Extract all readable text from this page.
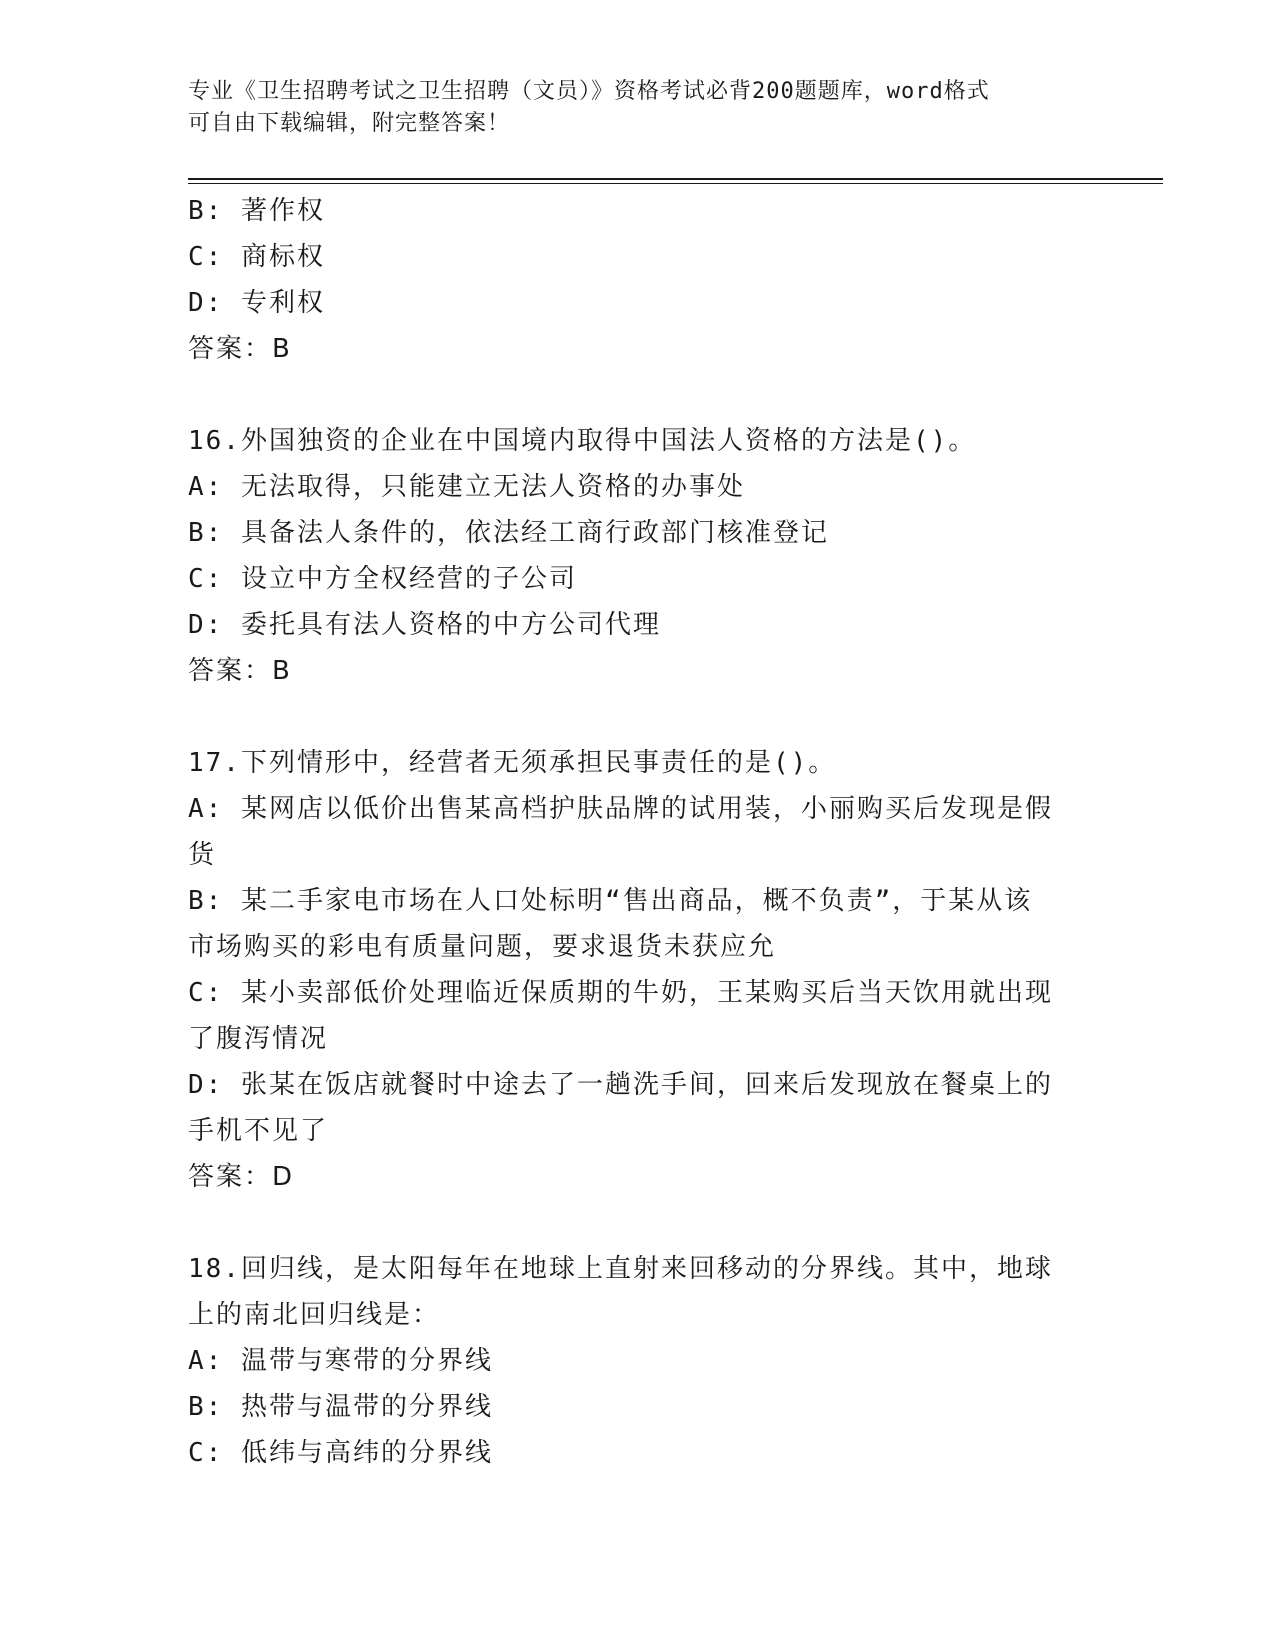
专业《卫生招聘考试之卫生招聘（文员）》资格考试必背200题题库，word格式
可自由下载编辑，附完整答案！
B: 著作权
C: 商标权
D: 专利权
答案：B
16.外国独资的企业在中国境内取得中国法人资格的方法是()。
A: 无法取得，只能建立无法人资格的办事处
B: 具备法人条件的，依法经工商行政部门核准登记
C: 设立中方全权经营的子公司
D: 委托具有法人资格的中方公司代理
答案：B
17.下列情形中，经营者无须承担民事责任的是()。
A: 某网店以低价出售某高档护肤品牌的试用装，小丽购买后发现是假
货
B: 某二手家电市场在人口处标明“售出商品，概不负责”，于某从该
市场购买的彩电有质量问题，要求退货未获应允
C: 某小卖部低价处理临近保质期的牛奶，王某购买后当天饮用就出现
了腹泻情况
D: 张某在饭店就餐时中途去了一趟洗手间，回来后发现放在餐桌上的
手机不见了
答案：D
18.回归线，是太阳每年在地球上直射来回移动的分界线。其中，地球
上的南北回归线是：
A: 温带与寒带的分界线
B: 热带与温带的分界线
C: 低纬与高纬的分界线
